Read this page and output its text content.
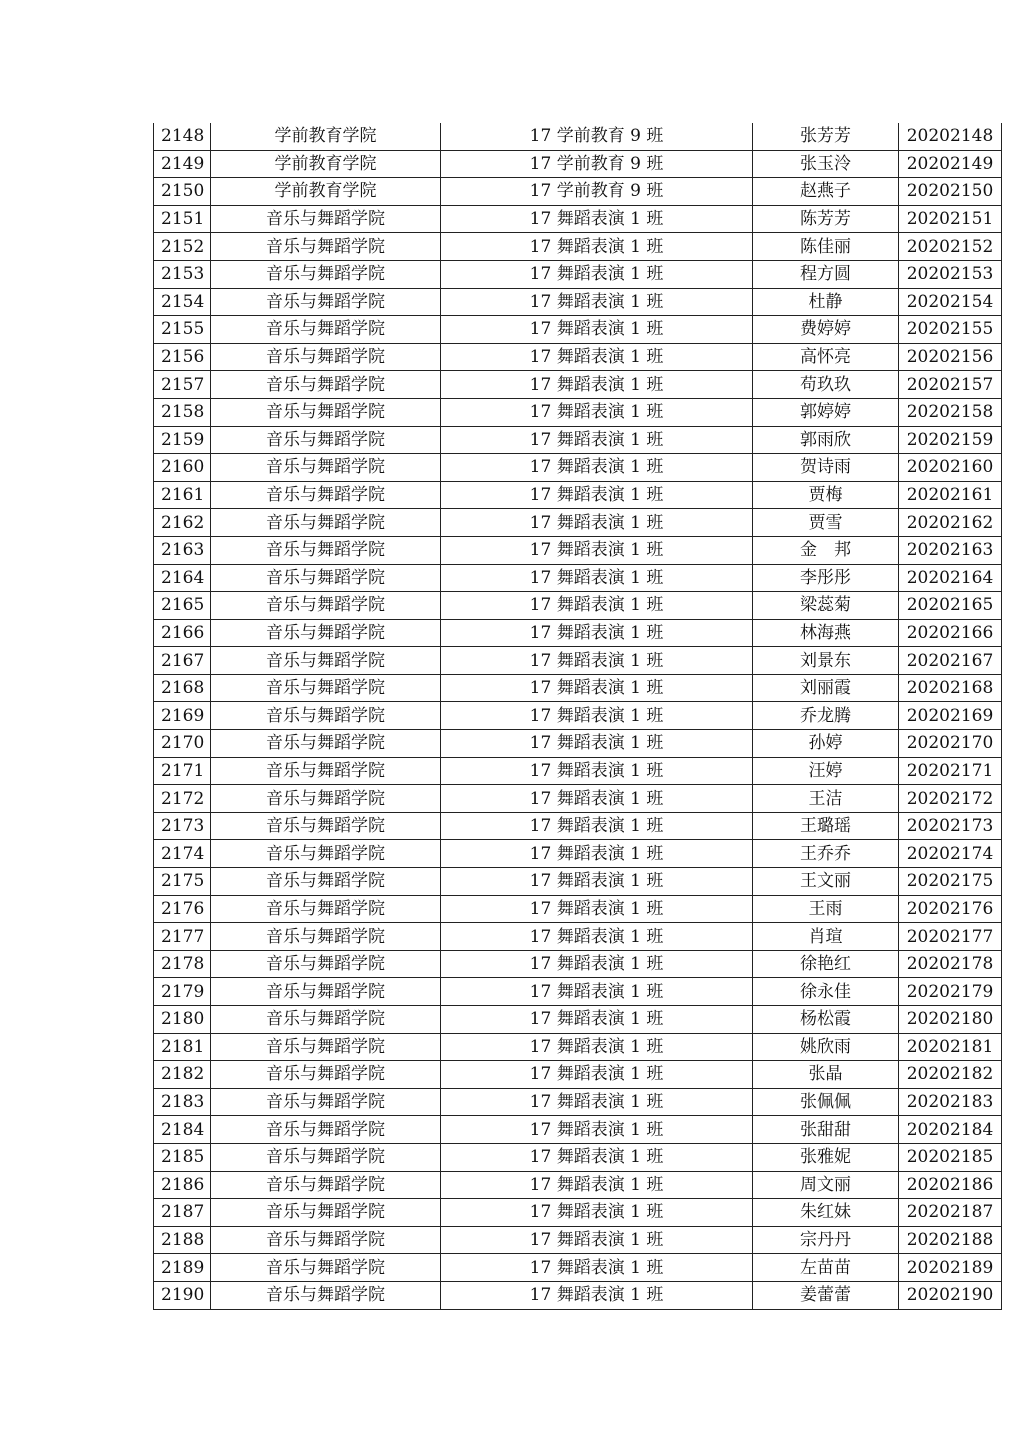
2148	学前教育学院	17 学前教育 9 班	张芳芳	20202148
2149	学前教育学院	17 学前教育 9 班	张玉泠	20202149
2150	学前教育学院	17 学前教育 9 班	赵燕子	20202150
2151	音乐与舞蹈学院	17 舞蹈表演 1 班	陈芳芳	20202151
2152	音乐与舞蹈学院	17 舞蹈表演 1 班	陈佳丽	20202152
2153	音乐与舞蹈学院	17 舞蹈表演 1 班	程方圆	20202153
2154	音乐与舞蹈学院	17 舞蹈表演 1 班	杜静	20202154
2155	音乐与舞蹈学院	17 舞蹈表演 1 班	费婷婷	20202155
2156	音乐与舞蹈学院	17 舞蹈表演 1 班	高怀亮	20202156
2157	音乐与舞蹈学院	17 舞蹈表演 1 班	苟玖玖	20202157
2158	音乐与舞蹈学院	17 舞蹈表演 1 班	郭婷婷	20202158
2159	音乐与舞蹈学院	17 舞蹈表演 1 班	郭雨欣	20202159
2160	音乐与舞蹈学院	17 舞蹈表演 1 班	贺诗雨	20202160
2161	音乐与舞蹈学院	17 舞蹈表演 1 班	贾梅	20202161
2162	音乐与舞蹈学院	17 舞蹈表演 1 班	贾雪	20202162
2163	音乐与舞蹈学院	17 舞蹈表演 1 班	金　邦	20202163
2164	音乐与舞蹈学院	17 舞蹈表演 1 班	李彤彤	20202164
2165	音乐与舞蹈学院	17 舞蹈表演 1 班	梁蕊菊	20202165
2166	音乐与舞蹈学院	17 舞蹈表演 1 班	林海燕	20202166
2167	音乐与舞蹈学院	17 舞蹈表演 1 班	刘景东	20202167
2168	音乐与舞蹈学院	17 舞蹈表演 1 班	刘丽霞	20202168
2169	音乐与舞蹈学院	17 舞蹈表演 1 班	乔龙腾	20202169
2170	音乐与舞蹈学院	17 舞蹈表演 1 班	孙婷	20202170
2171	音乐与舞蹈学院	17 舞蹈表演 1 班	汪婷	20202171
2172	音乐与舞蹈学院	17 舞蹈表演 1 班	王洁	20202172
2173	音乐与舞蹈学院	17 舞蹈表演 1 班	王璐瑶	20202173
2174	音乐与舞蹈学院	17 舞蹈表演 1 班	王乔乔	20202174
2175	音乐与舞蹈学院	17 舞蹈表演 1 班	王文丽	20202175
2176	音乐与舞蹈学院	17 舞蹈表演 1 班	王雨	20202176
2177	音乐与舞蹈学院	17 舞蹈表演 1 班	肖瑄	20202177
2178	音乐与舞蹈学院	17 舞蹈表演 1 班	徐艳红	20202178
2179	音乐与舞蹈学院	17 舞蹈表演 1 班	徐永佳	20202179
2180	音乐与舞蹈学院	17 舞蹈表演 1 班	杨松霞	20202180
2181	音乐与舞蹈学院	17 舞蹈表演 1 班	姚欣雨	20202181
2182	音乐与舞蹈学院	17 舞蹈表演 1 班	张晶	20202182
2183	音乐与舞蹈学院	17 舞蹈表演 1 班	张佩佩	20202183
2184	音乐与舞蹈学院	17 舞蹈表演 1 班	张甜甜	20202184
2185	音乐与舞蹈学院	17 舞蹈表演 1 班	张雅妮	20202185
2186	音乐与舞蹈学院	17 舞蹈表演 1 班	周文丽	20202186
2187	音乐与舞蹈学院	17 舞蹈表演 1 班	朱红妹	20202187
2188	音乐与舞蹈学院	17 舞蹈表演 1 班	宗丹丹	20202188
2189	音乐与舞蹈学院	17 舞蹈表演 1 班	左苗苗	20202189
2190	音乐与舞蹈学院	17 舞蹈表演 1 班	姜蕾蕾	20202190
